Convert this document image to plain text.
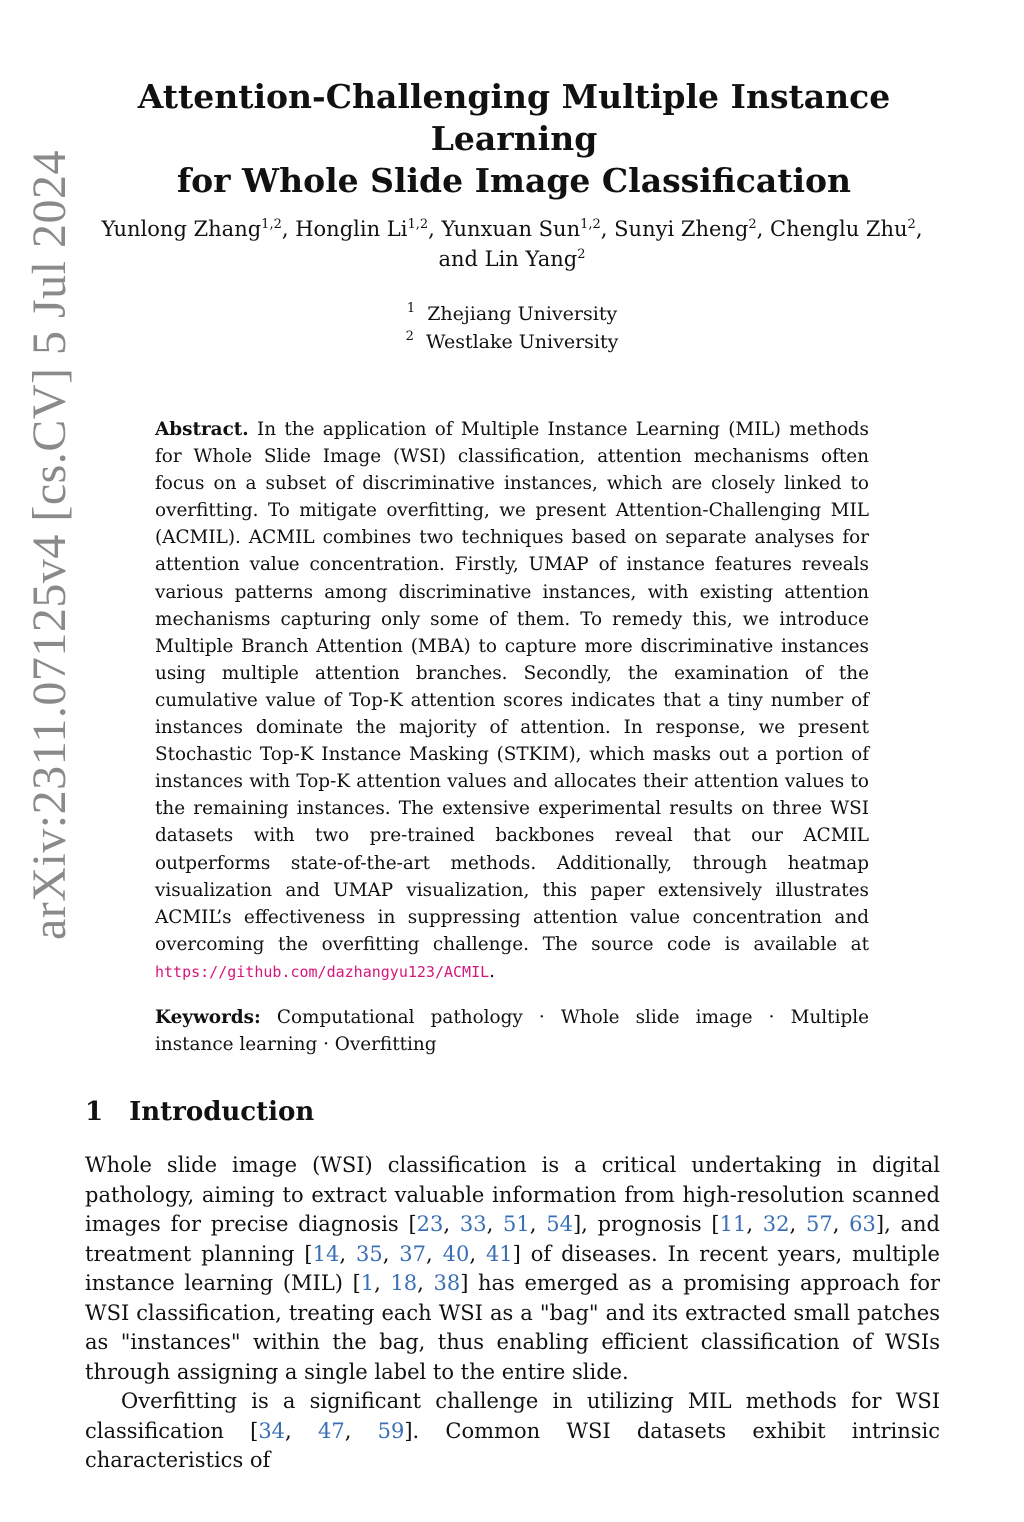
arXiv:2311.07125v4 [cs.CV] 5 Jul 2024
Attention-Challenging Multiple Instance Learning
for Whole Slide Image Classification
Yunlong Zhang$^{1,2}$, Honglin Li$^{1,2}$, Yunxuan Sun$^{1,2}$, Sunyi Zheng$^2$, Chenglu Zhu$^2$, and Lin Yang$^2$
$^1$ Zhejiang University
$^2$ Westlake University
Abstract. In the application of Multiple Instance Learning (MIL) methods for Whole Slide Image (WSI) classification, attention mechanisms often focus on a subset of discriminative instances, which are closely linked to overfitting. To mitigate overfitting, we present Attention-Challenging MIL (ACMIL). ACMIL combines two techniques based on separate analyses for attention value concentration. Firstly, UMAP of instance features reveals various patterns among discriminative instances, with existing attention mechanisms capturing only some of them. To remedy this, we introduce Multiple Branch Attention (MBA) to capture more discriminative instances using multiple attention branches. Secondly, the examination of the cumulative value of Top-K attention scores indicates that a tiny number of instances dominate the majority of attention. In response, we present Stochastic Top-K Instance Masking (STKIM), which masks out a portion of instances with Top-K attention values and allocates their attention values to the remaining instances. The extensive experimental results on three WSI datasets with two pre-trained backbones reveal that our ACMIL outperforms state-of-the-art methods. Additionally, through heatmap visualization and UMAP visualization, this paper extensively illustrates ACMIL’s effectiveness in suppressing attention value concentration and overcoming the overfitting challenge. The source code is available at https://github.com/dazhangyu123/ACMIL.
Keywords: Computational pathology · Whole slide image · Multiple instance learning · Overfitting
1 Introduction

Whole slide image (WSI) classification is a critical undertaking in digital pathology, aiming to extract valuable information from high-resolution scanned images for precise diagnosis [23, 33, 51, 54], prognosis [11, 32, 57, 63], and treatment planning [14, 35, 37, 40, 41] of diseases. In recent years, multiple instance learning (MIL) [1, 18, 38] has emerged as a promising approach for WSI classification, treating each WSI as a "bag" and its extracted small patches as "instances" within the bag, thus enabling efficient classification of WSIs through assigning a single label to the entire slide.

Overfitting is a significant challenge in utilizing MIL methods for WSI classification [34, 47, 59]. Common WSI datasets exhibit intrinsic characteristics of
